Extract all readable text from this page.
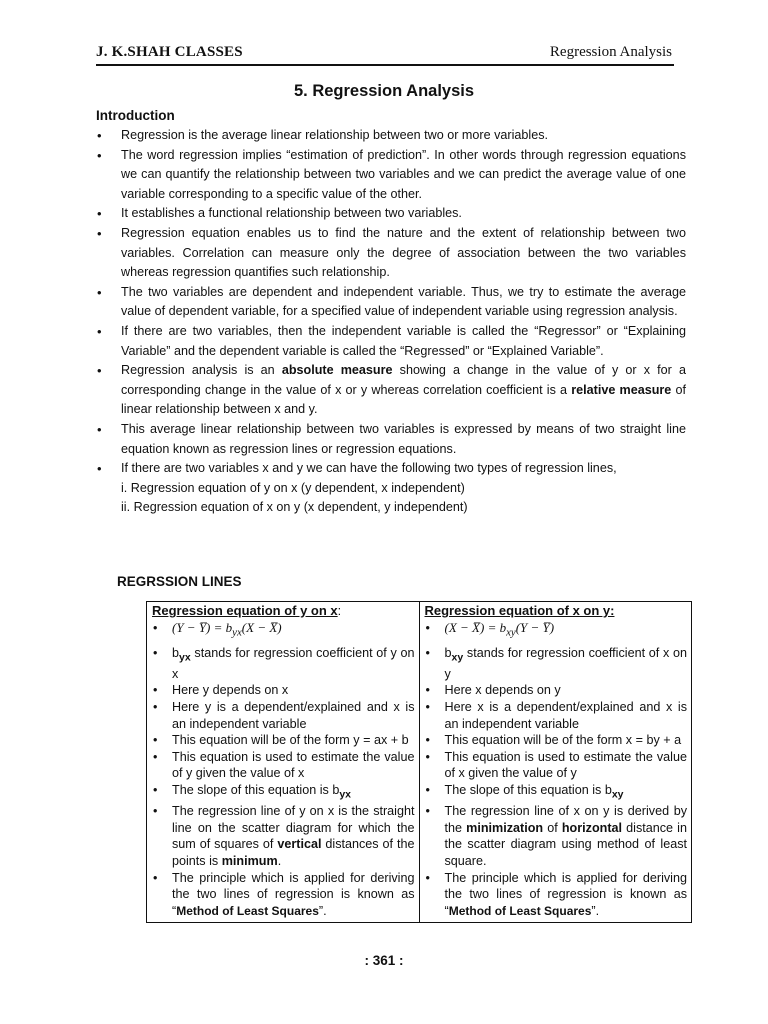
J. K.SHAH CLASSES	Regression Analysis
5. Regression Analysis
Introduction
• Regression is the average linear relationship between two or more variables.
• The word regression implies “estimation of prediction”. In other words through regression equations we can quantify the relationship between two variables and we can predict the average value of one variable corresponding to a specific value of the other.
• It establishes a functional relationship between two variables.
• Regression equation enables us to find the nature and the extent of relationship between two variables. Correlation can measure only the degree of association between the two variables whereas regression quantifies such relationship.
• The two variables are dependent and independent variable. Thus, we try to estimate the average value of dependent variable, for a specified value of independent variable using regression analysis.
• If there are two variables, then the independent variable is called the “Regressor” or “Explaining Variable” and the dependent variable is called the “Regressed” or “Explained Variable”.
• Regression analysis is an absolute measure showing a change in the value of y or x for a corresponding change in the value of x or y whereas correlation coefficient is a relative measure of linear relationship between x and y.
• This average linear relationship between two variables is expressed by means of two straight line equation known as regression lines or regression equations.
• If there are two variables x and y we can have the following two types of regression lines,
i. Regression equation of y on x (y dependent, x independent)
ii. Regression equation of x on y (x dependent, y independent)
REGRSSION LINES
Regression equation of y on x:
• (Y − Y̅) = $b_{yx}(X$ − X̅)
• $b_{yx}$ stands for regression coefficient of y on x
• Here y depends on x
• Here y is a dependent/explained and x is an independent variable
• This equation will be of the form y = ax + b
• This equation is used to estimate the value of y given the value of x
• The slope of this equation is $b_{yx}$
• The regression line of y on x is the straight line on the scatter diagram for which the sum of squares of vertical distances of the points is minimum.
• The principle which is applied for deriving the two lines of regression is known as “Method of Least Squares”.

Regression equation of x on y:
• (X − X̅) = $b_{xy}(Y$ − Y̅)
• $b_{xy}$ stands for regression coefficient of x on y
• Here x depends on y
• Here x is a dependent/explained and x is an independent variable
• This equation will be of the form x = by + a
• This equation is used to estimate the value of x given the value of y
• The slope of this equation is $b_{xy}$
• The regression line of x on y is derived by the minimization of horizontal distance in the scatter diagram using method of least square.
• The principle which is applied for deriving the two lines of regression is known as “Method of Least Squares”.
: 361 :
